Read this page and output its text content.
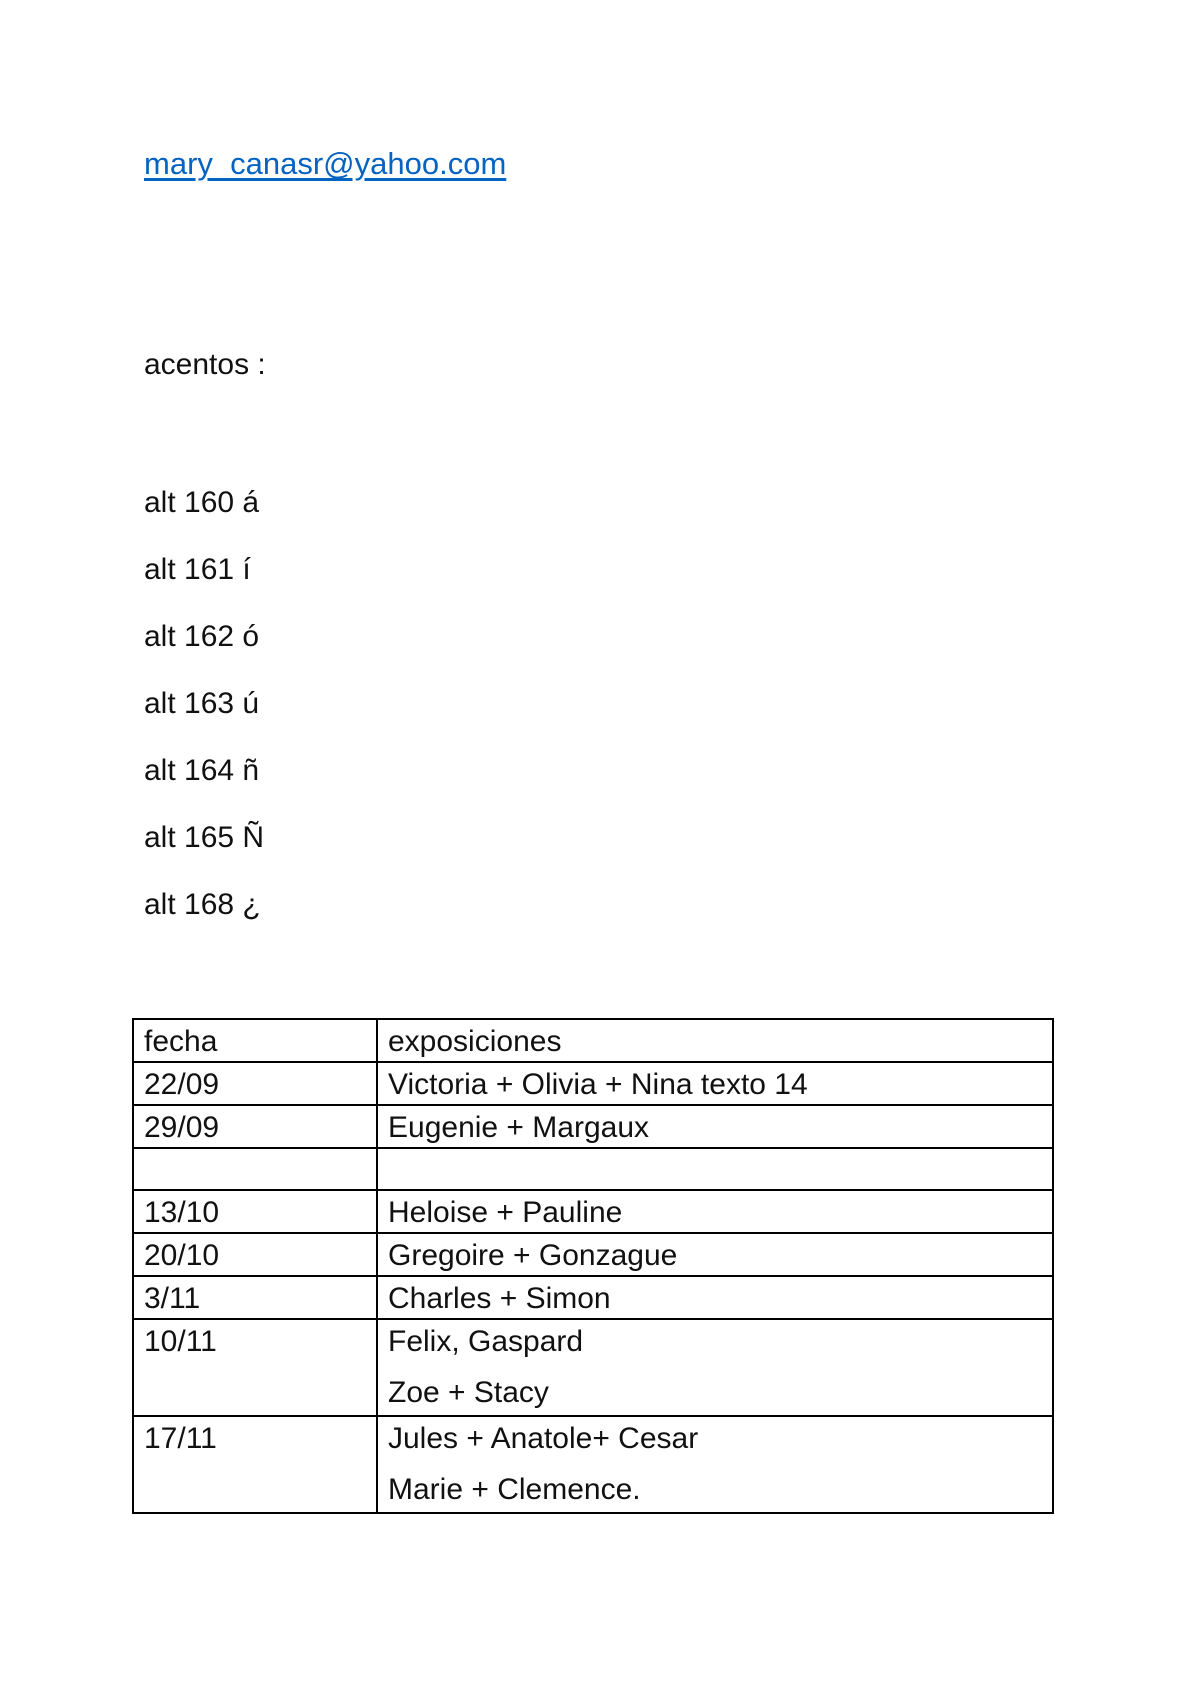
mary_canasr@yahoo.com
acentos :
alt 160 á
alt 161 í
alt 162 ó
alt 163 ú
alt 164 ñ
alt 165 Ñ
alt 168 ¿
fecha	exposiciones
22/09	Victoria + Olivia + Nina texto 14

29/09	Eugenie + Margaux

13/10	Heloise + Pauline

20/10	Gregoire + Gonzague

3/11	Charles + Simon

10/11	Felix, Gaspard
Zoe + Stacy

17/11	Jules + Anatole+ Cesar
Marie + Clemence.
